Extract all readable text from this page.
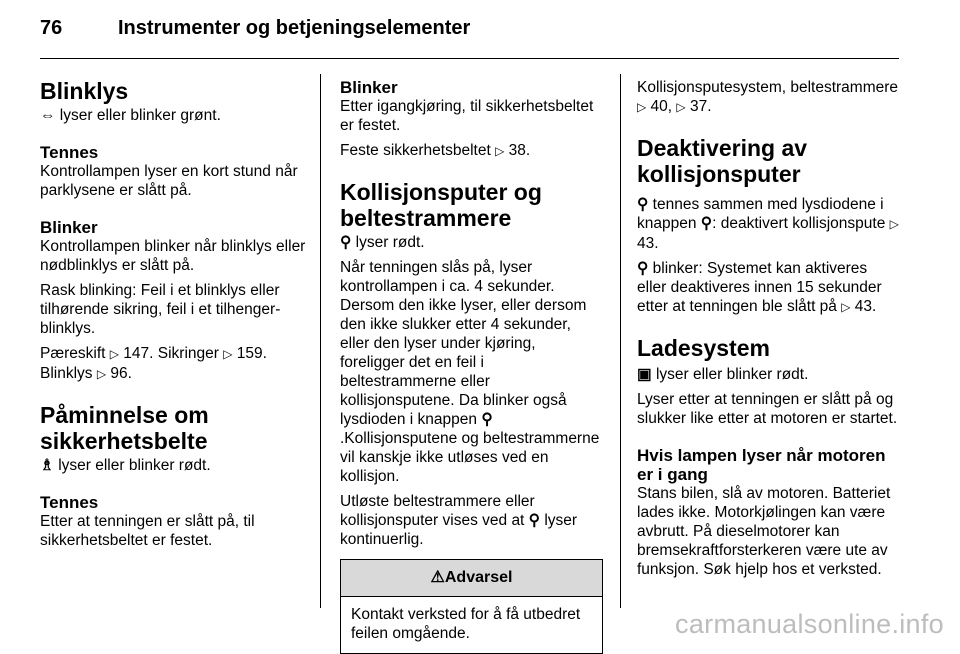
76	Instrumenter og betjeningselementer
Blinklys

⇔ lyser eller blinker grønt.

Tennes

Kontrollampen lyser en kort stund når parklysene er slått på.

Blinker

Kontrollampen blinker når blinklys eller nødblinklys er slått på.

Rask blinking: Feil i et blinklys eller tilhørende sikring, feil i et tilhenger-blinklys.

Pæreskift ▷ 147. Sikringer ▷ 159.

Blinklys ▷ 96.

Påminnelse om sikkerhetsbelte

♗ lyser eller blinker rødt.

Tennes

Etter at tenningen er slått på, til sikkerhetsbeltet er festet.

Blinker

Etter igangkjøring, til sikkerhetsbeltet er festet.

Feste sikkerhetsbeltet ▷ 38.

Kollisjonsputer og beltestrammere

⚲ lyser rødt.

Når tenningen slås på, lyser kontrollampen i ca. 4 sekunder. Dersom den ikke lyser, eller dersom den ikke slukker etter 4 sekunder, eller den lyser under kjøring, foreligger det en feil i beltestrammerne eller kollisjonsputene. Da blinker også lysdioden i knappen ⚲.Kollisjonsputene og beltestrammerne vil kanskje ikke utløses ved en kollisjon.

Utløste beltestrammere eller kollisjonsputer vises ved at ⚲ lyser kontinuerlig.

⚠Advarsel
Kontakt verksted for å få utbedret feilen omgående.

Kollisjonsputesystem, beltestrammere ▷ 40, ▷ 37.

Deaktivering av kollisjonsputer

⚲ tennes sammen med lysdiodene i knappen ⚲: deaktivert kollisjonspute ▷ 43.

⚲ blinker: Systemet kan aktiveres eller deaktiveres innen 15 sekunder etter at tenningen ble slått på ▷ 43.

Ladesystem

▣ lyser eller blinker rødt.

Lyser etter at tenningen er slått på og slukker like etter at motoren er startet.

Hvis lampen lyser når motoren er i gang

Stans bilen, slå av motoren. Batteriet lades ikke. Motorkjølingen kan være avbrutt. På dieselmotorer kan bremsekraftforsterkeren være ute av funksjon. Søk hjelp hos et verksted.

carmanualsonline.info
